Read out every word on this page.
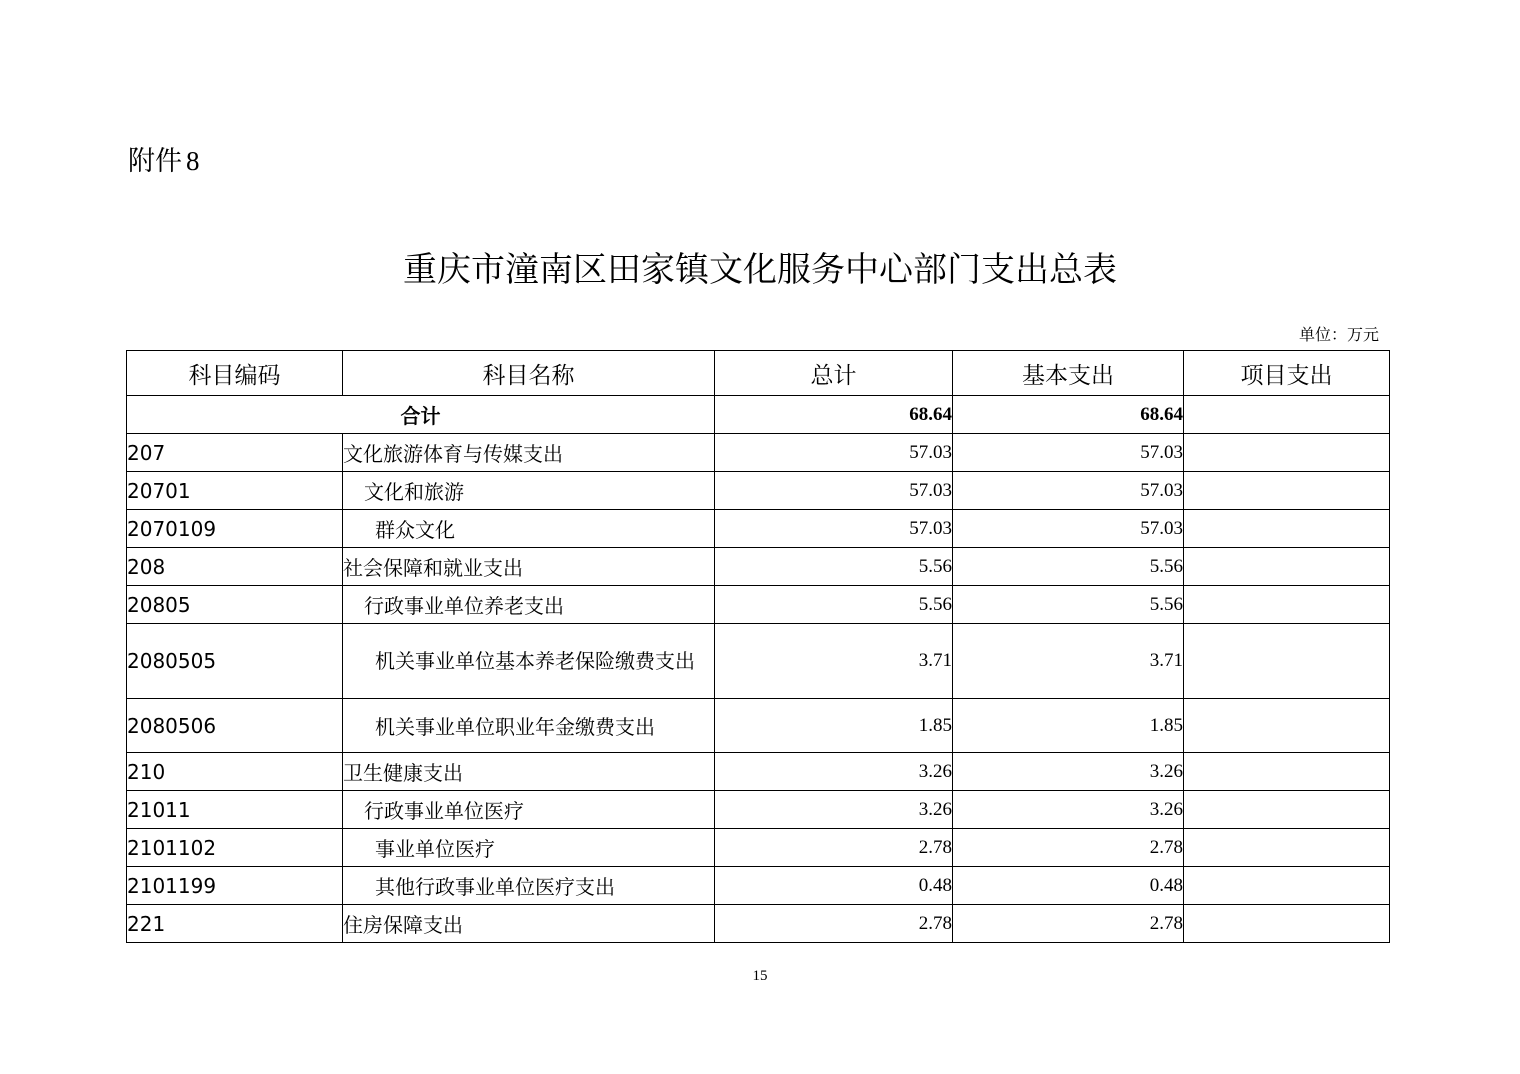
附件 8
重庆市潼南区田家镇文化服务中心部门支出总表
单位：万元
科目编码	科目名称	总计	基本支出	项目支出
合计		68.64	68.64	
207	文化旅游体育与传媒支出	57.03	57.03	
20701	文化和旅游	57.03	57.03	
2070109	群众文化	57.03	57.03	
208	社会保障和就业支出	5.56	5.56	
20805	行政事业单位养老支出	5.56	5.56	
2080505	机关事业单位基本养老保险缴费支出	3.71	3.71	
2080506	机关事业单位职业年金缴费支出	1.85	1.85	
210	卫生健康支出	3.26	3.26	
21011	行政事业单位医疗	3.26	3.26	
2101102	事业单位医疗	2.78	2.78	
2101199	其他行政事业单位医疗支出	0.48	0.48	
221	住房保障支出	2.78	2.78	
15
